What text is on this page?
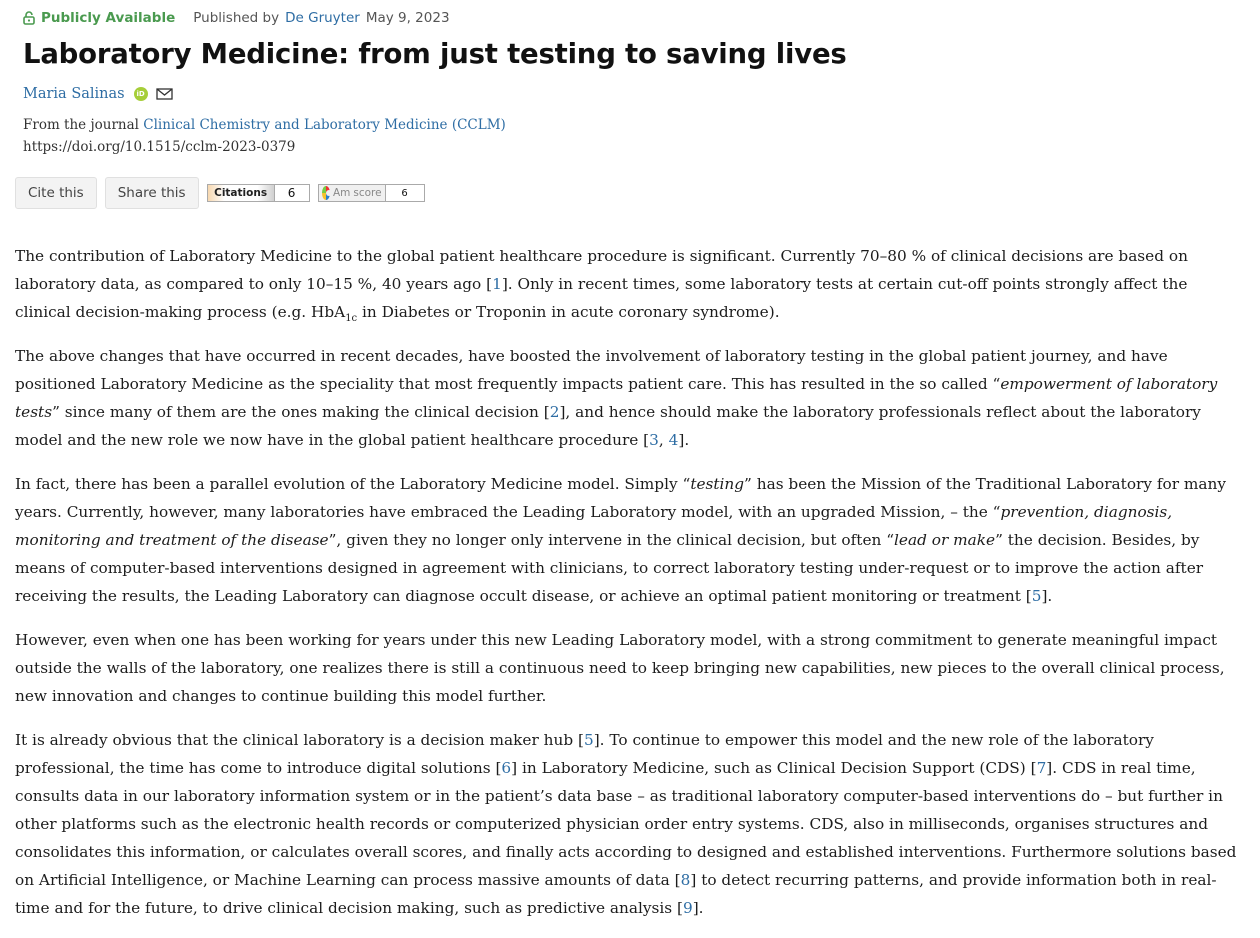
Publicly Available Published by De Gruyter May 9, 2023
Laboratory Medicine: from just testing to saving lives
Maria Salinas	iD
From the journal Clinical Chemistry and Laboratory Medicine (CCLM)
https://doi.org/10.1515/cclm-2023-0379
Cite this	Share this	Citations	6	Am score	6

The contribution of Laboratory Medicine to the global patient healthcare procedure is significant. Currently 70–80 % of clinical decisions are based on laboratory data, as compared to only 10–15 %, 40 years ago [1]. Only in recent times, some laboratory tests at certain cut-off points strongly affect the clinical decision-making process (e.g. HbA$_{1c}$ in Diabetes or Troponin in acute coronary syndrome).

The above changes that have occurred in recent decades, have boosted the involvement of laboratory testing in the global patient journey, and have positioned Laboratory Medicine as the speciality that most frequently impacts patient care. This has resulted in the so called “empowerment of laboratory tests” since many of them are the ones making the clinical decision [2], and hence should make the laboratory professionals reflect about the laboratory model and the new role we now have in the global patient healthcare procedure [3, 4].

In fact, there has been a parallel evolution of the Laboratory Medicine model. Simply “testing” has been the Mission of the Traditional Laboratory for many years. Currently, however, many laboratories have embraced the Leading Laboratory model, with an upgraded Mission, – the “prevention, diagnosis, monitoring and treatment of the disease”, given they no longer only intervene in the clinical decision, but often “lead or make” the decision. Besides, by means of computer-based interventions designed in agreement with clinicians, to correct laboratory testing under-request or to improve the action after receiving the results, the Leading Laboratory can diagnose occult disease, or achieve an optimal patient monitoring or treatment [5].

However, even when one has been working for years under this new Leading Laboratory model, with a strong commitment to generate meaningful impact outside the walls of the laboratory, one realizes there is still a continuous need to keep bringing new capabilities, new pieces to the overall clinical process, new innovation and changes to continue building this model further.

It is already obvious that the clinical laboratory is a decision maker hub [5]. To continue to empower this model and the new role of the laboratory professional, the time has come to introduce digital solutions [6] in Laboratory Medicine, such as Clinical Decision Support (CDS) [7]. CDS in real time, consults data in our laboratory information system or in the patient’s data base – as traditional laboratory computer-based interventions do – but further in other platforms such as the electronic health records or computerized physician order entry systems. CDS, also in milliseconds, organises structures and consolidates this information, or calculates overall scores, and finally acts according to designed and established interventions. Furthermore solutions based on Artificial Intelligence, or Machine Learning can process massive amounts of data [8] to detect recurring patterns, and provide information both in real-time and for the future, to drive clinical decision making, such as predictive analysis [9].
